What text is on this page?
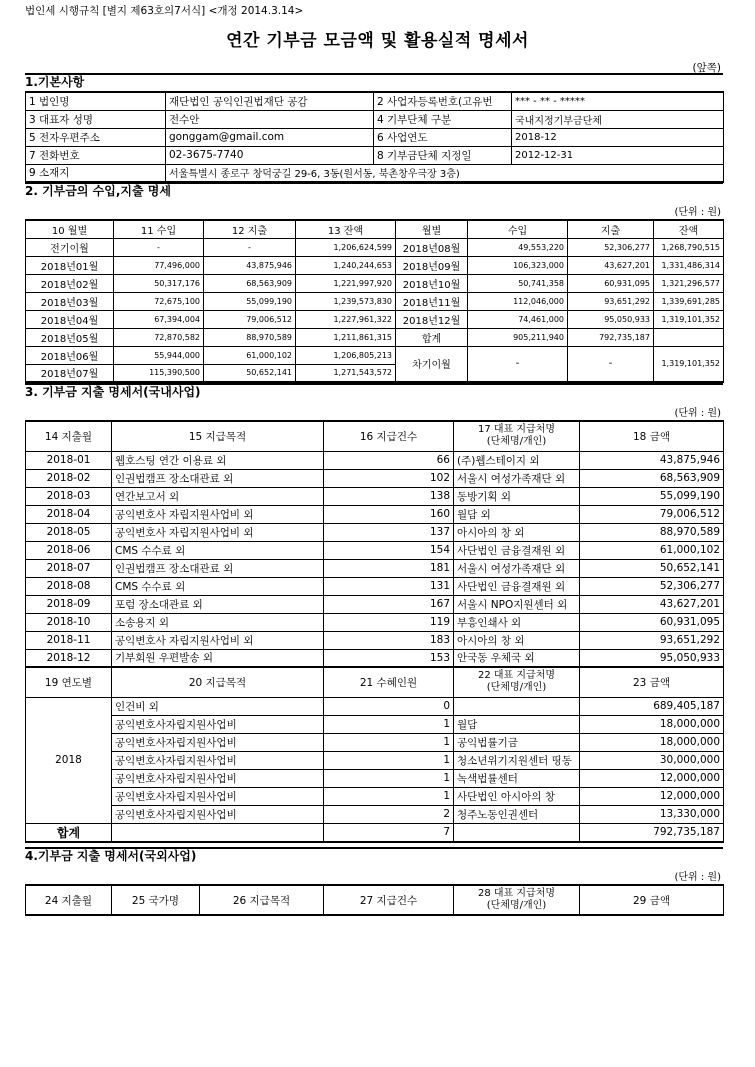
법인세 시행규칙 [별지 제63호의7서식] <개정 2014.3.14>
연간 기부금 모금액 및 활용실적 명세서
(앞쪽)
1.기본사항
1 법인명	재단법인 공익인권법재단 공감	2 사업자등록번호(고유번	*** - ** - *****
3 대표자 성명	전수안	4 기부단체 구분	국내지정기부금단체
5 전자우편주소	gonggam@gmail.com	6 사업연도	2018-12
7 전화번호	02-3675-7740	8 기부금단체 지정일	2012-12-31
9 소재지	서울특별시 종로구 창덕궁길 29-6, 3동(원서동, 북촌창우극장 3층)		
2. 기부금의 수입,지출 명세
(단위 : 원)
10 월별	11 수입	12 지출	13 잔액	월별	수입	지출	잔액
전기이월	-	-	1,206,624,599	2018년08월	49,553,220	52,306,277	1,268,790,515
2018년01월	77,496,000	43,875,946	1,240,244,653	2018년09월	106,323,000	43,627,201	1,331,486,314
2018년02월	50,317,176	68,563,909	1,221,997,920	2018년10월	50,741,358	60,931,095	1,321,296,577
2018년03월	72,675,100	55,099,190	1,239,573,830	2018년11월	112,046,000	93,651,292	1,339,691,285
2018년04월	67,394,004	79,006,512	1,227,961,322	2018년12월	74,461,000	95,050,933	1,319,101,352
2018년05월	72,870,582	88,970,589	1,211,861,315	합계	905,211,940	792,735,187	
2018년06월	55,944,000	61,000,102	1,206,805,213	차기이월	-	-	1,319,101,352
2018년07월	115,390,500	50,652,141	1,271,543,572				
3. 기부금 지출 명세서(국내사업)
(단위 : 원)
14 지출월	15 지급목적	16 지급건수	17 대표 지급처명
(단체명/개인)	18 금액
2018-01	웹호스팅 연간 이용료 외	66	(주)웹스테이지 외	43,875,946
2018-02	인권법캠프 장소대관료 외	102	서울시 여성가족재단 외	68,563,909
2018-03	연간보고서 외	138	동방기획 외	55,099,190
2018-04	공익변호사 자립지원사업비 외	160	월담 외	79,006,512
2018-05	공익변호사 자립지원사업비 외	137	아시아의 창 외	88,970,589
2018-06	CMS 수수료 외	154	사단법인 금융결재원 외	61,000,102
2018-07	인권법캠프 장소대관료 외	181	서울시 여성가족재단 외	50,652,141
2018-08	CMS 수수료 외	131	사단법인 금융결재원 외	52,306,277
2018-09	포럼 장소대관료 외	167	서울시 NPO지원센터 외	43,627,201
2018-10	소송용지 외	119	부흥인쇄사 외	60,931,095
2018-11	공익변호사 자립지원사업비 외	183	아시아의 창 외	93,651,292
2018-12	기부회원 우편발송 외	153	안국동 우체국 외	95,050,933
19 연도별	20 지급목적	21 수혜인원	22 대표 지급처명
(단체명/개인)	23 금액
2018	인건비 외	0		689,405,187
	공익변호사자립지원사업비	1	월담	18,000,000
	공익변호사자립지원사업비	1	공익법률기금	18,000,000
	공익변호사자립지원사업비	1	청소년위기지원센터 띵동	30,000,000
	공익변호사자립지원사업비	1	녹색법률센터	12,000,000
	공익변호사자립지원사업비	1	사단법인 아시아의 창	12,000,000
	공익변호사자립지원사업비	2	청주노동인권센터	13,330,000
합계		7		792,735,187
4.기부금 지출 명세서(국외사업)
(단위 : 원)
24 지출월	25 국가명	26 지급목적	27 지급건수	
28 대표 지급처명
(단체명/개인)	29 금액
